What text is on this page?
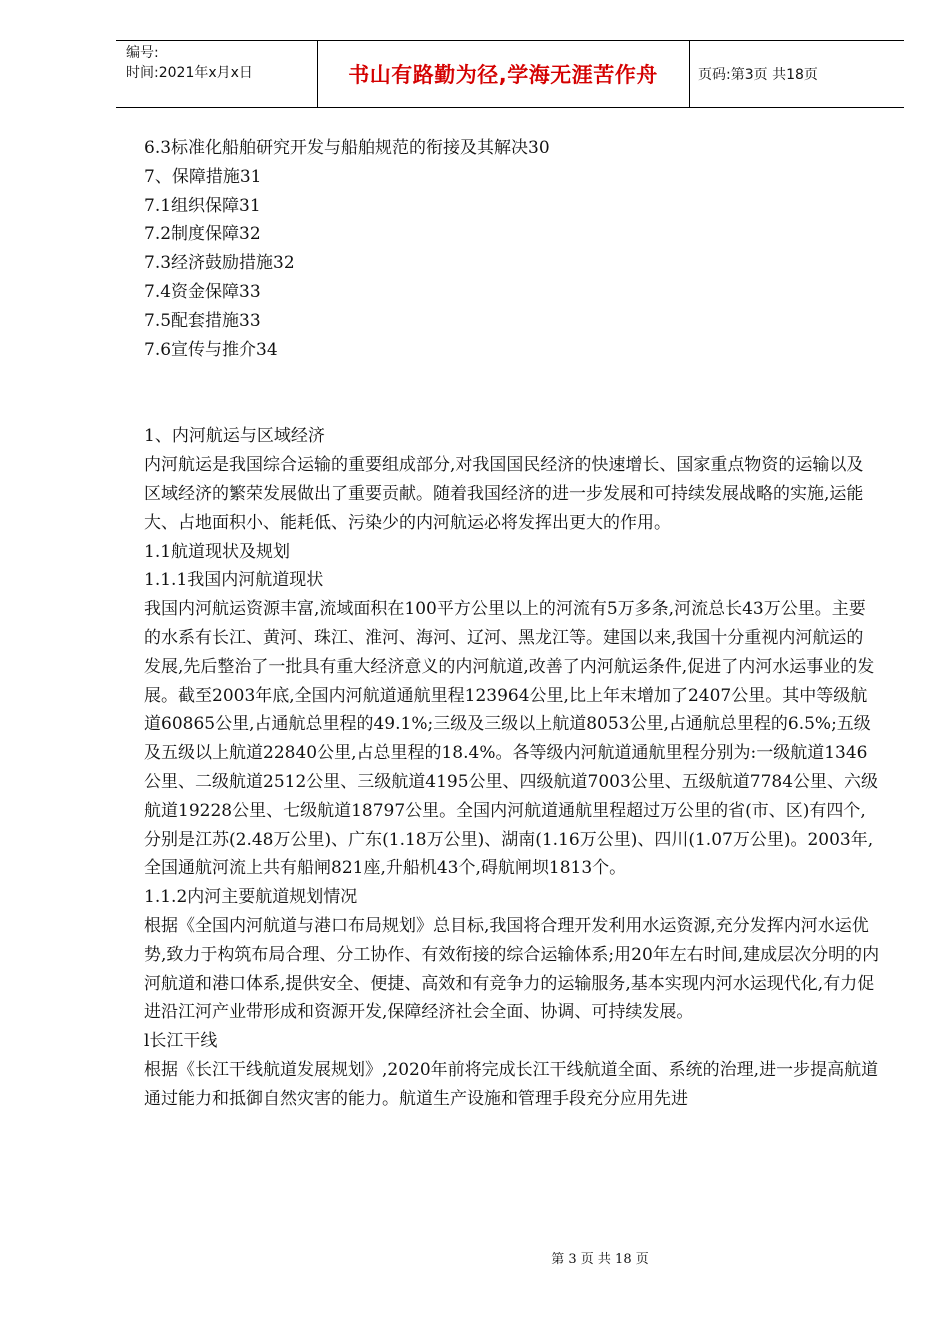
编号:
时间:2021年x月x日	书山有路勤为径,学海无涯苦作舟	页码:第3页 共18页

6.3标准化船舶研究开发与船舶规范的衔接及其解决30

7、保障措施31

7.1组织保障31

7.2制度保障32

7.3经济鼓励措施32

7.4资金保障33

7.5配套措施33

7.6宣传与推介34

1、内河航运与区域经济

内河航运是我国综合运输的重要组成部分,对我国国民经济的快速增长、国家重点物资的运输以及区域经济的繁荣发展做出了重要贡献。随着我国经济的进一步发展和可持续发展战略的实施,运能大、占地面积小、能耗低、污染少的内河航运必将发挥出更大的作用。

1.1航道现状及规划

1.1.1我国内河航道现状

我国内河航运资源丰富,流域面积在100平方公里以上的河流有5万多条,河流总长43万公里。主要的水系有长江、黄河、珠江、淮河、海河、辽河、黑龙江等。建国以来,我国十分重视内河航运的发展,先后整治了一批具有重大经济意义的内河航道,改善了内河航运条件,促进了内河水运事业的发展。截至2003年底,全国内河航道通航里程123964公里,比上年末增加了2407公里。其中等级航道60865公里,占通航总里程的49.1%;三级及三级以上航道8053公里,占通航总里程的6.5%;五级及五级以上航道22840公里,占总里程的18.4%。各等级内河航道通航里程分别为:一级航道1346公里、二级航道2512公里、三级航道4195公里、四级航道7003公里、五级航道7784公里、六级航道19228公里、七级航道18797公里。全国内河航道通航里程超过万公里的省(市、区)有四个,分别是江苏(2.48万公里)、广东(1.18万公里)、湖南(1.16万公里)、四川(1.07万公里)。2003年,全国通航河流上共有船闸821座,升船机43个,碍航闸坝1813个。

1.1.2内河主要航道规划情况

根据《全国内河航道与港口布局规划》总目标,我国将合理开发利用水运资源,充分发挥内河水运优势,致力于构筑布局合理、分工协作、有效衔接的综合运输体系;用20年左右时间,建成层次分明的内河航道和港口体系,提供安全、便捷、高效和有竞争力的运输服务,基本实现内河水运现代化,有力促进沿江河产业带形成和资源开发,保障经济社会全面、协调、可持续发展。

l长江干线

根据《长江干线航道发展规划》,2020年前将完成长江干线航道全面、系统的治理,进一步提高航道通过能力和抵御自然灾害的能力。航道生产设施和管理手段充分应用先进

第 3 页 共 18 页
